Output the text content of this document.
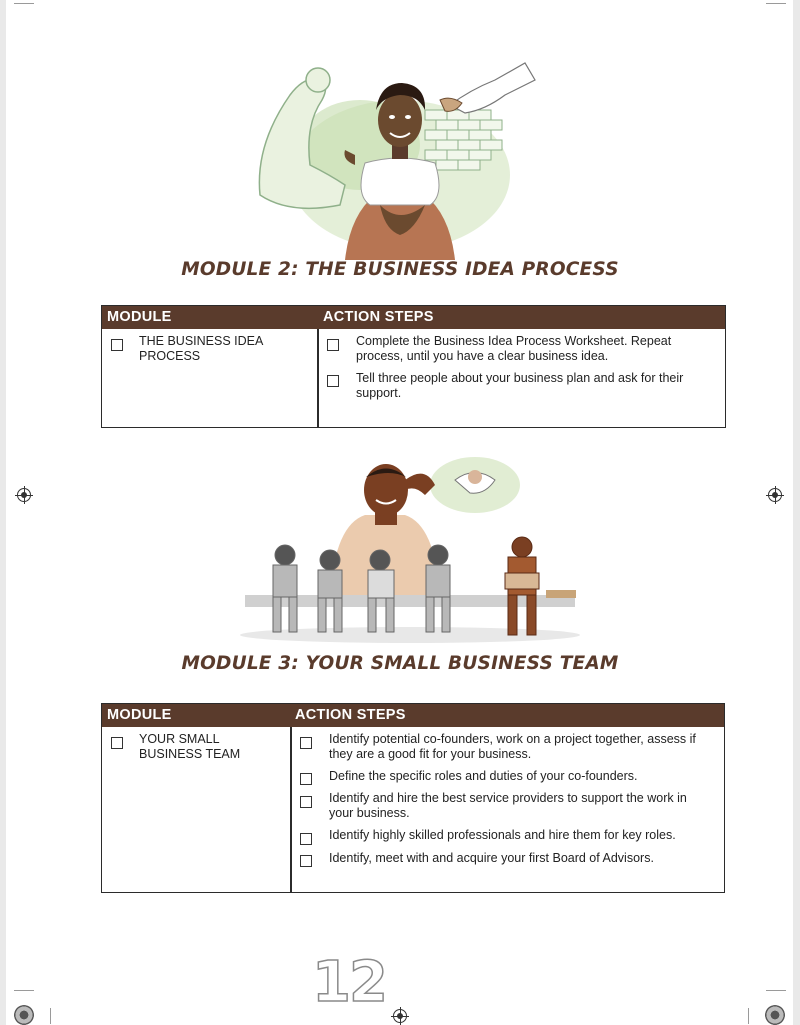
MODULE 2: THE BUSINESS IDEA PROCESS
MODULE	ACTION STEPS
THE BUSINESS IDEA PROCESS
Complete the Business Idea Process Worksheet. Repeat process, until you have a clear business idea.
Tell three people about your business plan and ask for their support.
MODULE 3: YOUR SMALL BUSINESS TEAM
MODULE	ACTION STEPS
YOUR SMALL BUSINESS TEAM
Identify potential co-founders, work on a project together, assess if they are a good fit for your business.
Define the specific roles and duties of your co-founders.
Identify and hire the best service providers to support the work in your business.
Identify highly skilled professionals and hire them for key roles.
Identify, meet with and acquire your first Board of Advisors.
12
